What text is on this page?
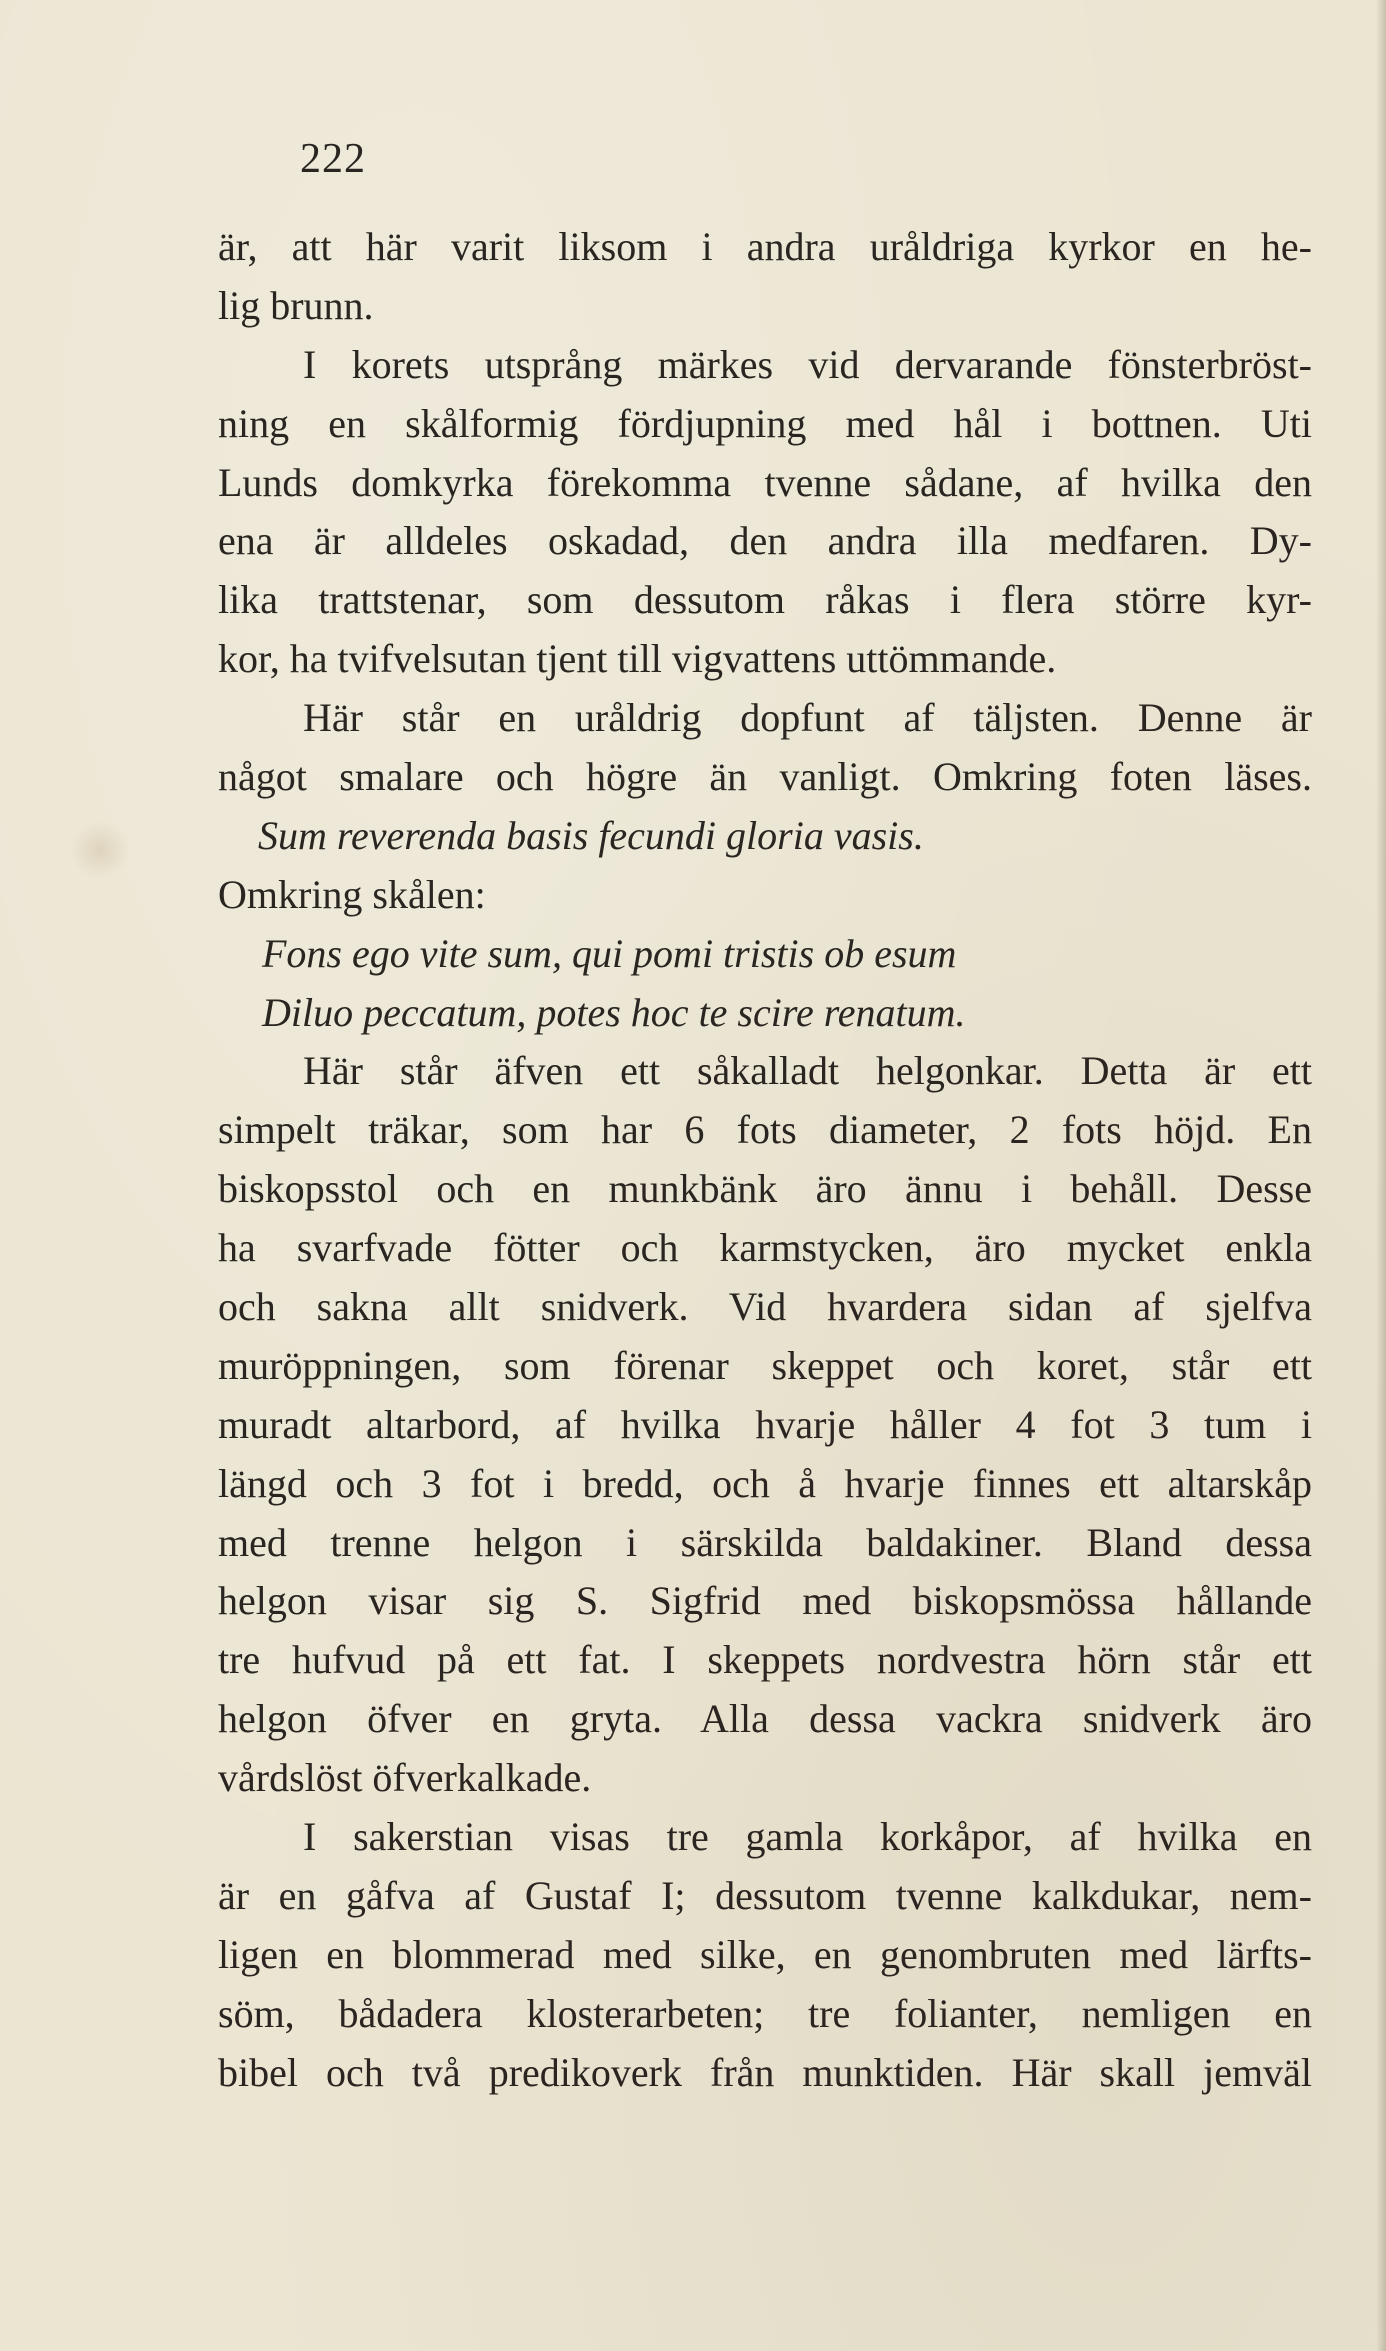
222
är, att här varit liksom i andra uråldriga kyrkor en he-
lig brunn.
I korets utsprång märkes vid dervarande fönsterbröst-
ning en skålformig fördjupning med hål i bottnen. Uti
Lunds domkyrka förekomma tvenne sådane, af hvilka den
ena är alldeles oskadad, den andra illa medfaren. Dy-
lika trattstenar, som dessutom råkas i flera större kyr-
kor, ha tvifvelsutan tjent till vigvattens uttömmande.
Här står en uråldrig dopfunt af täljsten. Denne är
något smalare och högre än vanligt. Omkring foten läses.
Sum reverenda basis fecundi gloria vasis.
Omkring skålen:
Fons ego vite sum, qui pomi tristis ob esum
Diluo peccatum, potes hoc te scire renatum.
Här står äfven ett såkalladt helgonkar. Detta är ett
simpelt träkar, som har 6 fots diameter, 2 fots höjd. En
biskopsstol och en munkbänk äro ännu i behåll. Desse
ha svarfvade fötter och karmstycken, äro mycket enkla
och sakna allt snidverk. Vid hvardera sidan af sjelfva
muröppningen, som förenar skeppet och koret, står ett
muradt altarbord, af hvilka hvarje håller 4 fot 3 tum i
längd och 3 fot i bredd, och å hvarje finnes ett altarskåp
med trenne helgon i särskilda baldakiner. Bland dessa
helgon visar sig S. Sigfrid med biskopsmössa hållande
tre hufvud på ett fat. I skeppets nordvestra hörn står ett
helgon öfver en gryta. Alla dessa vackra snidverk äro
vårdslöst öfverkalkade.
I sakerstian visas tre gamla korkåpor, af hvilka en
är en gåfva af Gustaf I; dessutom tvenne kalkdukar, nem-
ligen en blommerad med silke, en genombruten med lärfts-
söm, bådadera klosterarbeten; tre folianter, nemligen en
bibel och två predikoverk från munktiden. Här skall jemväl
